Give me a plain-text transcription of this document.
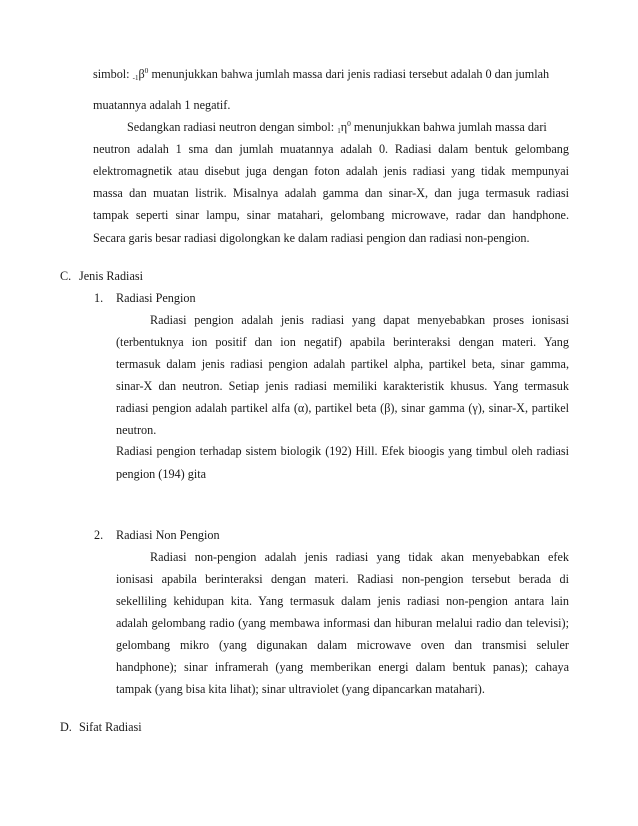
simbol: $-1\beta^0$ menunjukkan bahwa jumlah massa dari jenis radiasi tersebut adalah 0 dan jumlah
muatannya adalah 1 negatif.
Sedangkan radiasi neutron dengan simbol: $1\eta^0$ menunjukkan bahwa jumlah massa dari
neutron adalah 1 sma dan jumlah muatannya adalah 0. Radiasi dalam bentuk gelombang
elektromagnetik atau disebut juga dengan foton adalah jenis radiasi yang tidak mempunyai
massa dan muatan listrik. Misalnya adalah gamma dan sinar-X, dan juga termasuk radiasi
tampak seperti sinar lampu, sinar matahari, gelombang microwave, radar dan handphone.
Secara garis besar radiasi digolongkan ke dalam radiasi pengion dan radiasi non-pengion.
C. Jenis Radiasi
1. Radiasi Pengion
Radiasi pengion adalah jenis radiasi yang dapat menyebabkan proses ionisasi
(terbentuknya ion positif dan ion negatif) apabila berinteraksi dengan materi. Yang
termasuk dalam jenis radiasi pengion adalah partikel alpha, partikel beta, sinar gamma,
sinar-X dan neutron. Setiap jenis radiasi memiliki karakteristik khusus. Yang termasuk
radiasi pengion adalah partikel alfa (α), partikel beta (β), sinar gamma (γ), sinar-X, partikel
neutron.
Radiasi pengion terhadap sistem biologik (192) Hill. Efek bioogis yang timbul oleh radiasi
pengion (194) gita
2. Radiasi Non Pengion
Radiasi non-pengion adalah jenis radiasi yang tidak akan menyebabkan efek
ionisasi apabila berinteraksi dengan materi. Radiasi non-pengion tersebut berada di
sekelliling kehidupan kita. Yang termasuk dalam jenis radiasi non-pengion antara lain
adalah gelombang radio (yang membawa informasi dan hiburan melalui radio dan televisi);
gelombang mikro (yang digunakan dalam microwave oven dan transmisi seluler
handphone); sinar inframerah (yang memberikan energi dalam bentuk panas); cahaya
tampak (yang bisa kita lihat); sinar ultraviolet (yang dipancarkan matahari).
D. Sifat Radiasi
